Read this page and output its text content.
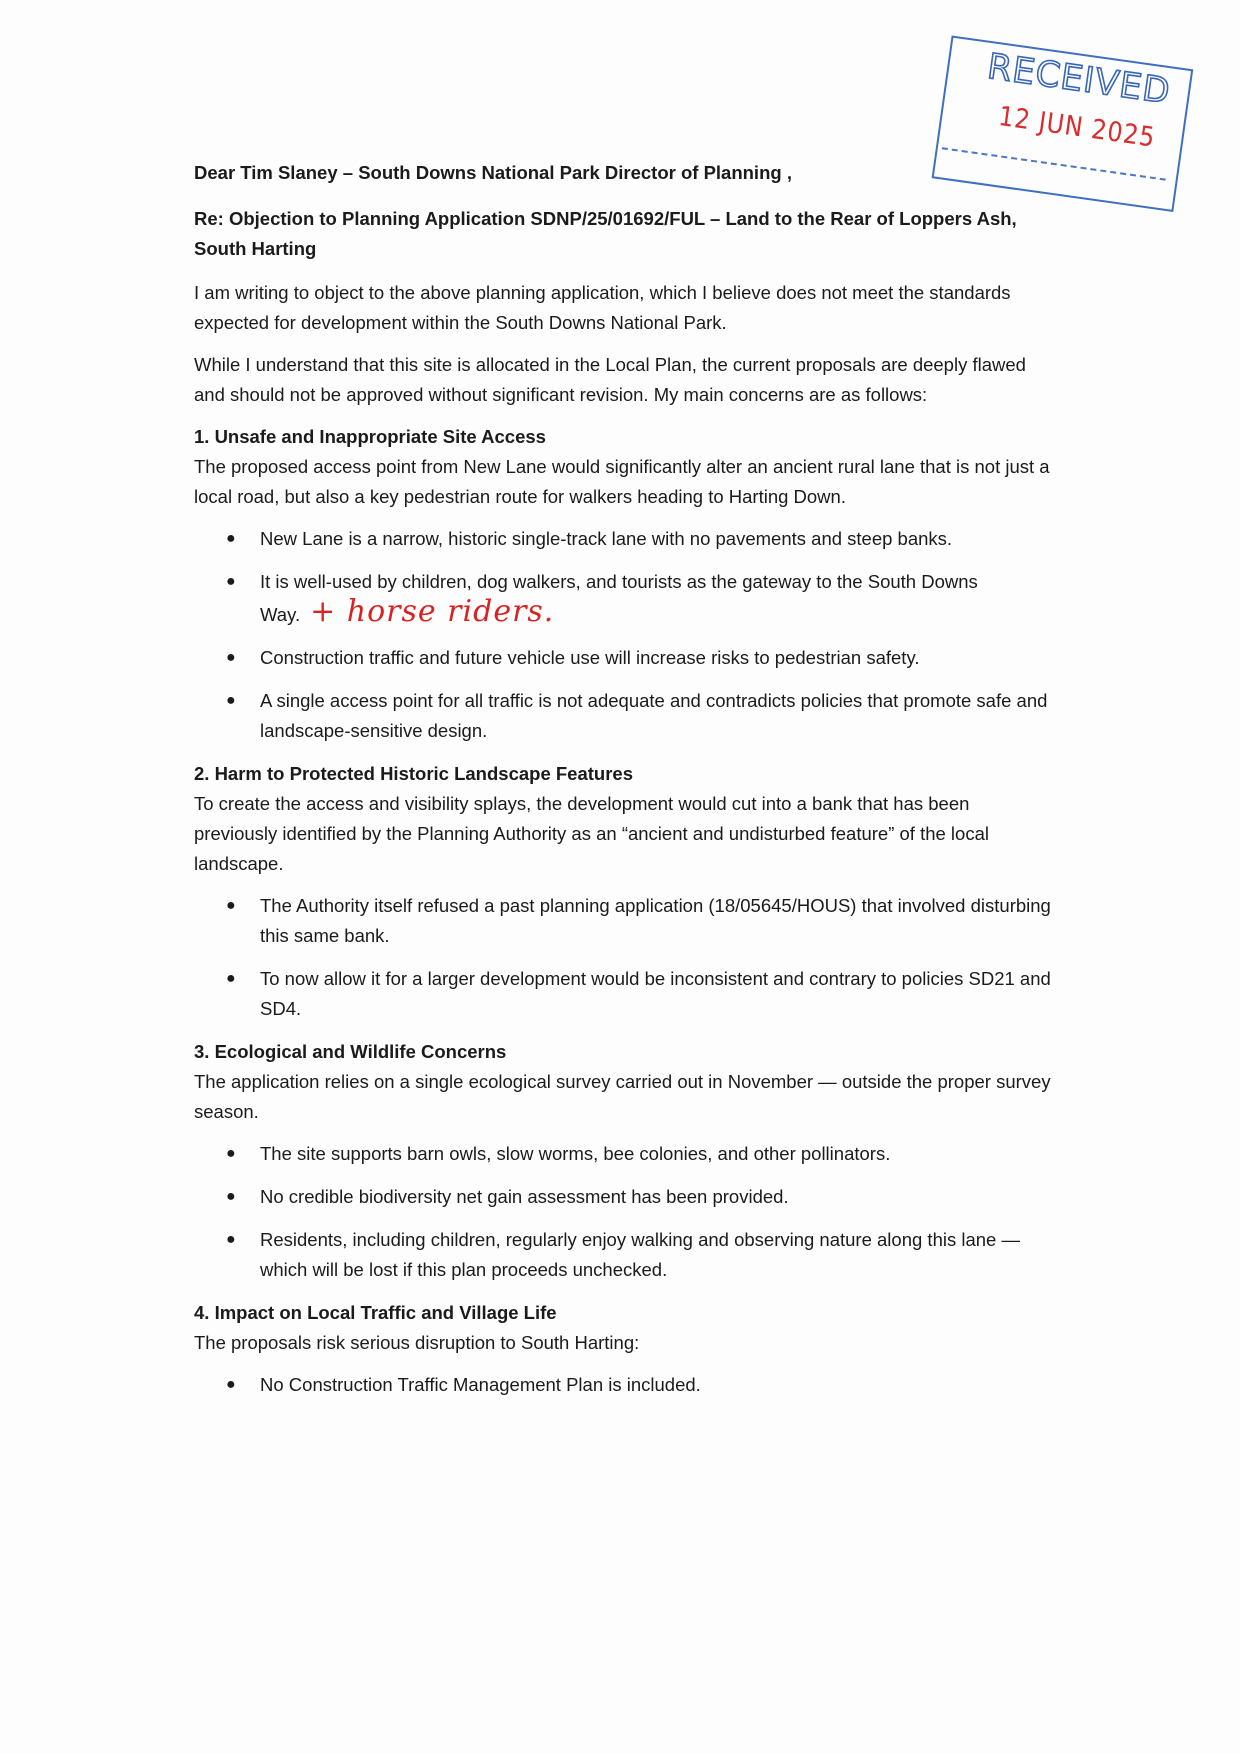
RECEIVED
12 JUN 2025

Dear Tim Slaney – South Downs National Park Director of Planning ,

Re: Objection to Planning Application SDNP/25/01692/FUL – Land to the Rear of Loppers Ash, South Harting

I am writing to object to the above planning application, which I believe does not meet the standards expected for development within the South Downs National Park.

While I understand that this site is allocated in the Local Plan, the current proposals are deeply flawed and should not be approved without significant revision. My main concerns are as follows:

1. Unsafe and Inappropriate Site Access

The proposed access point from New Lane would significantly alter an ancient rural lane that is not just a local road, but also a key pedestrian route for walkers heading to Harting Down.

● New Lane is a narrow, historic single-track lane with no pavements and steep banks.
● It is well-used by children, dog walkers, and tourists as the gateway to the South Downs Way. + horse riders.
● Construction traffic and future vehicle use will increase risks to pedestrian safety.
● A single access point for all traffic is not adequate and contradicts policies that promote safe and landscape-sensitive design.

2. Harm to Protected Historic Landscape Features

To create the access and visibility splays, the development would cut into a bank that has been previously identified by the Planning Authority as an “ancient and undisturbed feature” of the local landscape.

● The Authority itself refused a past planning application (18/05645/HOUS) that involved disturbing this same bank.
● To now allow it for a larger development would be inconsistent and contrary to policies SD21 and SD4.

3. Ecological and Wildlife Concerns

The application relies on a single ecological survey carried out in November — outside the proper survey season.

● The site supports barn owls, slow worms, bee colonies, and other pollinators.
● No credible biodiversity net gain assessment has been provided.
● Residents, including children, regularly enjoy walking and observing nature along this lane — which will be lost if this plan proceeds unchecked.

4. Impact on Local Traffic and Village Life

The proposals risk serious disruption to South Harting:

● No Construction Traffic Management Plan is included.
